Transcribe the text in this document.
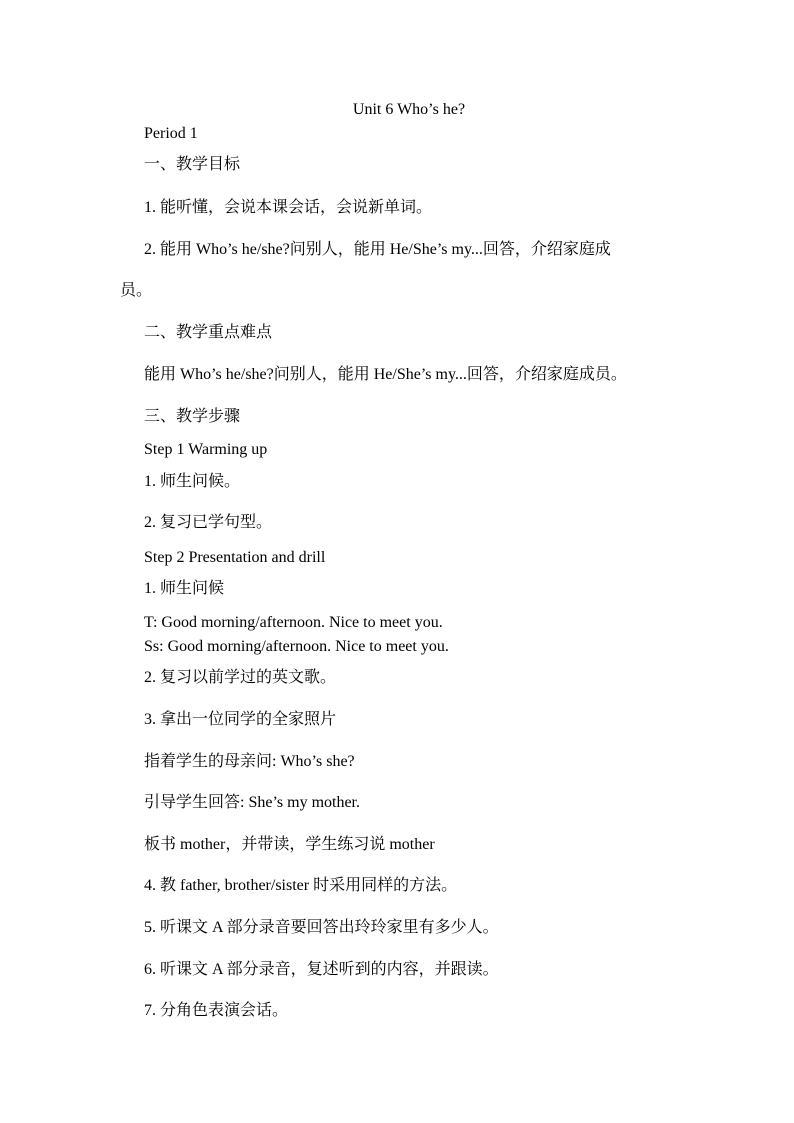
Unit 6 Who’s he?
Period 1
一、教学目标
1. 能听懂，会说本课会话，会说新单词。
2. 能用 Who’s he/she?问别人，能用 He/She’s my...回答，介绍家庭成
员。
二、教学重点难点
能用 Who’s he/she?问别人，能用 He/She’s my...回答，介绍家庭成员。
三、教学步骤
Step 1 Warming up
1. 师生问候。
2. 复习已学句型。
Step 2 Presentation and drill
1. 师生问候
T: Good morning/afternoon. Nice to meet you.
Ss: Good morning/afternoon. Nice to meet you.
2. 复习以前学过的英文歌。
3. 拿出一位同学的全家照片
指着学生的母亲问: Who’s she?
引导学生回答: She’s my mother.
板书 mother，并带读，学生练习说 mother
4. 教 father, brother/sister 时采用同样的方法。
5. 听课文 A 部分录音要回答出玲玲家里有多少人。
6. 听课文 A 部分录音，复述听到的内容，并跟读。
7. 分角色表演会话。
